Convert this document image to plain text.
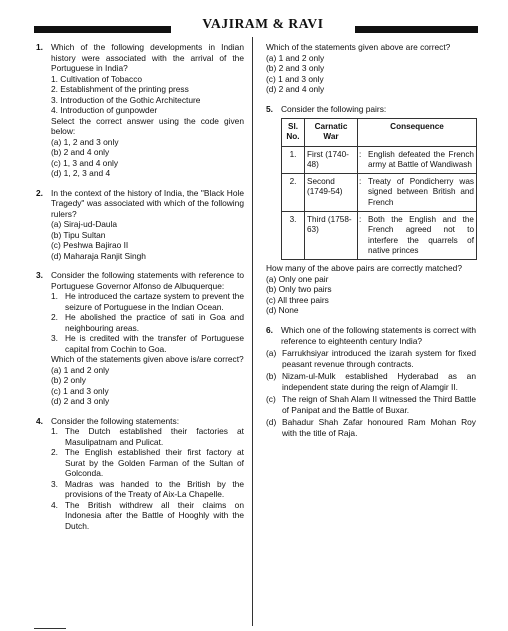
VAJIRAM & RAVI
1. Which of the following developments in Indian history were associated with the arrival of the Portuguese in India?
1. Cultivation of Tobacco
2. Establishment of the printing press
3. Introduction of the Gothic Architecture
4. Introduction of gunpowder
Select the correct answer using the code given below:
(a) 1, 2 and 3 only
(b) 2 and 4 only
(c) 1, 3 and 4 only
(d) 1, 2, 3 and 4
2. In the context of the history of India, the "Black Hole Tragedy" was associated with which of the following rulers?
(a) Siraj-ud-Daula
(b) Tipu Sultan
(c) Peshwa Bajirao II
(d) Maharaja Ranjit Singh
3. Consider the following statements with reference to Portuguese Governor Alfonso de Albuquerque:
1. He introduced the cartaze system to prevent the seizure of Portuguese in the Indian Ocean.
2. He abolished the practice of sati in Goa and neighbouring areas.
3. He is credited with the transfer of Portuguese capital from Cochin to Goa.
Which of the statements given above is/are correct?
(a) 1 and 2 only
(b) 2 only
(c) 1 and 3 only
(d) 2 and 3 only
4. Consider the following statements:
1. The Dutch established their factories at Masulipatnam and Pulicat.
2. The English established their first factory at Surat by the Golden Farman of the Sultan of Golconda.
3. Madras was handed to the British by the provisions of the Treaty of Aix-La Chapelle.
4. The British withdrew all their claims on Indonesia after the Battle of Hooghly with the Dutch.
Which of the statements given above are correct?
(a) 1 and 2 only
(b) 2 and 3 only
(c) 1 and 3 only
(d) 2 and 4 only
5. Consider the following pairs:
Sl. No.	Carnatic War	Consequence	
1.	First (1740-48)	:	English defeated the French army at Battle of Wandiwash
2.	Second (1749-54)	:	Treaty of Pondicherry was signed between British and French
3.	Third (1758-63)	:	Both the English and the French agreed not to interfere the quarrels of native princes
How many of the above pairs are correctly matched?
(a) Only one pair
(b) Only two pairs
(c) All three pairs
(d) None
6. Which one of the following statements is correct with reference to eighteenth century India?
(a) Farrukhsiyar introduced the izarah system for fixed peasant revenue through contracts.
(b) Nizam-ul-Mulk established Hyderabad as an independent state during the reign of Alamgir II.
(c) The reign of Shah Alam II witnessed the Third Battle of Panipat and the Battle of Buxar.
(d) Bahadur Shah Zafar honoured Ram Mohan Roy with the title of Raja.
